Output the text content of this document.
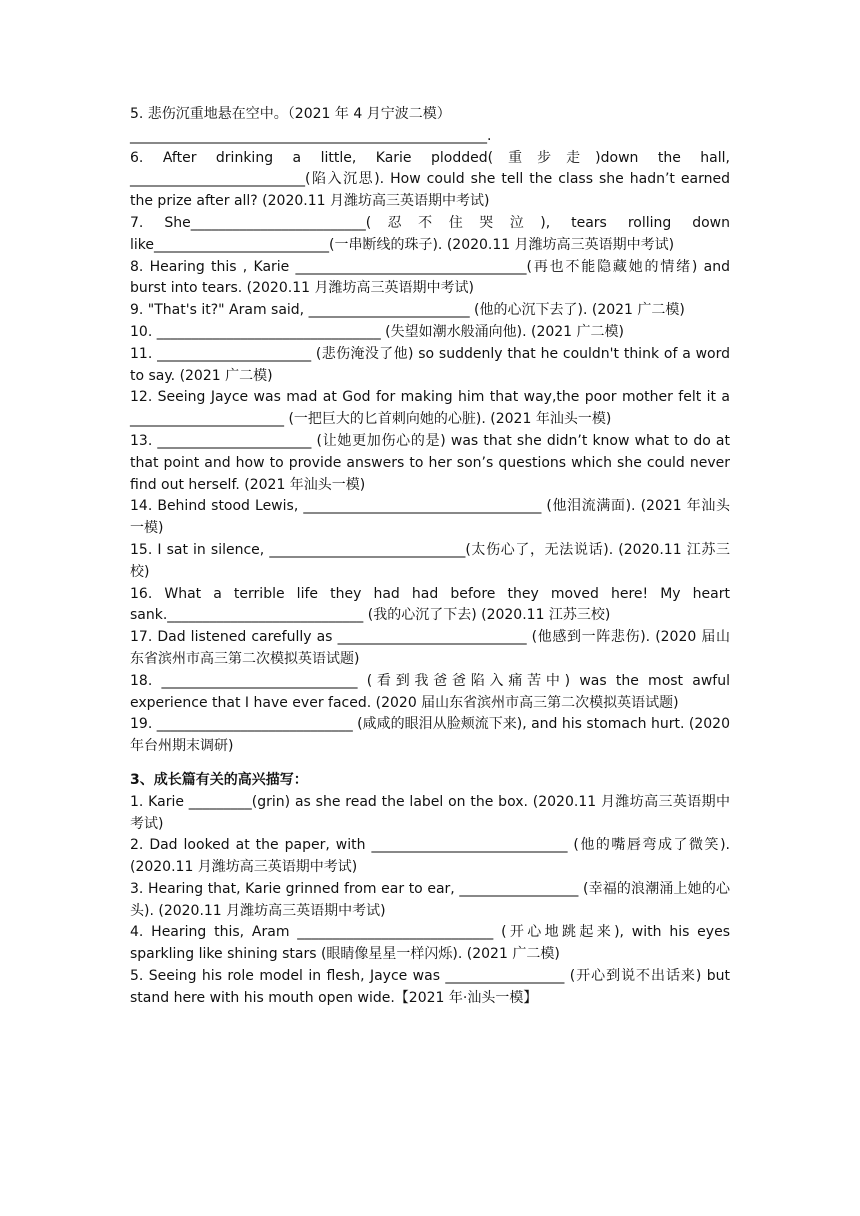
5. 悲伤沉重地悬在空中。（2021 年 4 月宁波二模）

___________________________________________________.

6. After drinking a little, Karie plodded(重步走)down the hall, _________________________(陷入沉思). How could she tell the class she hadn’t earned the prize after all? (2020.11 月潍坊高三英语期中考试)

7. She_________________________(忍不住哭泣), tears rolling down like_________________________(一串断线的珠子). (2020.11 月潍坊高三英语期中考试)

8. Hearing this , Karie _________________________________(再也不能隐藏她的情绪) and burst into tears. (2020.11 月潍坊高三英语期中考试)

9. "That's it?" Aram said, _______________________ (他的心沉下去了). (2021 广二模)

10. ________________________________ (失望如潮水般涌向他). (2021 广二模)

11. ______________________ (悲伤淹没了他) so suddenly that he couldn't think of a word to say. (2021 广二模)

12. Seeing Jayce was mad at God for making him that way,the poor mother felt it a ______________________ (一把巨大的匕首刺向她的心脏). (2021 年汕头一模)

13. ______________________ (让她更加伤心的是) was that she didn’t know what to do at that point and how to provide answers to her son’s questions which she could never find out herself. (2021 年汕头一模)

14. Behind stood Lewis, __________________________________ (他泪流满面). (2021 年汕头一模)

15. I sat in silence, ____________________________(太伤心了，无法说话). (2020.11 江苏三校)

16. What a terrible life they had had before they moved here! My heart sank.____________________________ (我的心沉了下去) (2020.11 江苏三校)

17. Dad listened carefully as ___________________________ (他感到一阵悲伤). (2020 届山东省滨州市高三第二次模拟英语试题)

18. ____________________________ (看到我爸爸陷入痛苦中) was the most awful experience that I have ever faced. (2020 届山东省滨州市高三第二次模拟英语试题)

19. ____________________________ (咸咸的眼泪从脸颊流下来), and his stomach hurt. (2020 年台州期末调研)

3、成长篇有关的高兴描写：

1. Karie _________(grin) as she read the label on the box. (2020.11 月潍坊高三英语期中考试)

2. Dad looked at the paper, with ____________________________ (他的嘴唇弯成了微笑). (2020.11 月潍坊高三英语期中考试)

3. Hearing that, Karie grinned from ear to ear, _________________ (幸福的浪潮涌上她的心头). (2020.11 月潍坊高三英语期中考试)

4. Hearing this, Aram ____________________________ (开心地跳起来), with his eyes sparkling like shining stars (眼睛像星星一样闪烁). (2021 广二模)

5. Seeing his role model in flesh, Jayce was _________________ (开心到说不出话来) but stand here with his mouth open wide.【2021 年·汕头一模】
